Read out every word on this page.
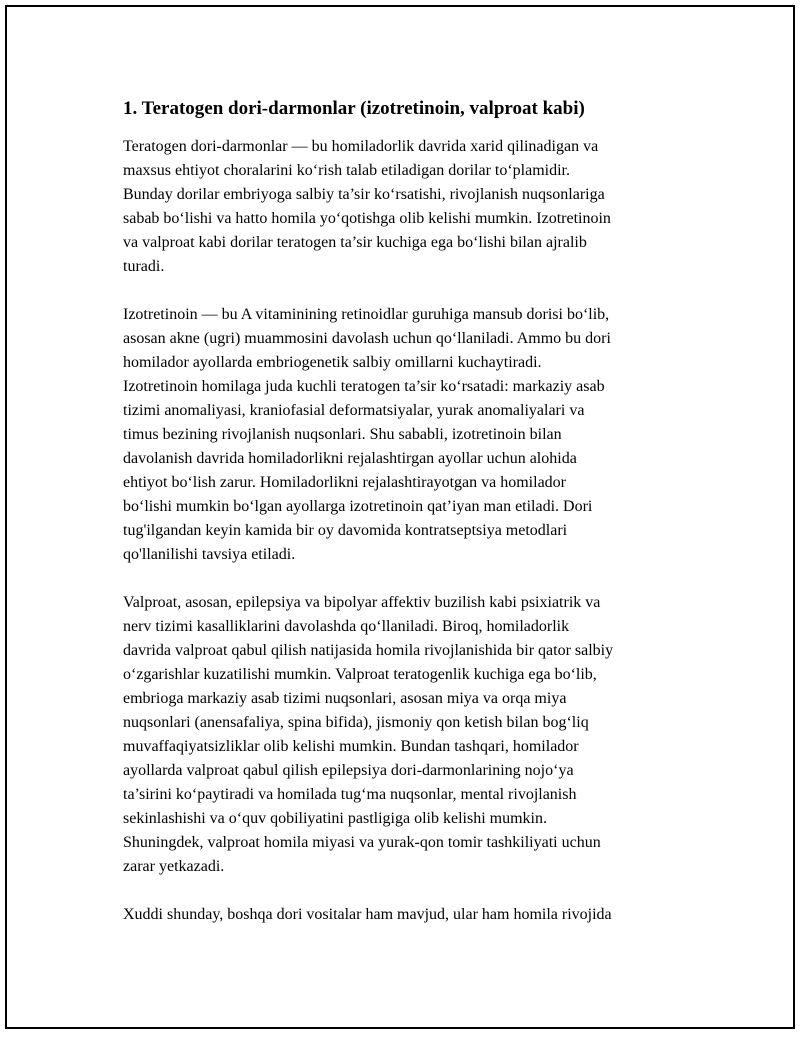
1. Teratogen dori-darmonlar (izotretinoin, valproat kabi)

Teratogen dori-darmonlar — bu homiladorlik davrida xarid qilinadigan va
maxsus ehtiyot choralarini ko‘rish talab etiladigan dorilar to‘plamidir.
Bunday dorilar embriyoga salbiy ta’sir ko‘rsatishi, rivojlanish nuqsonlariga
sabab bo‘lishi va hatto homila yo‘qotishga olib kelishi mumkin. Izotretinoin
va valproat kabi dorilar teratogen ta’sir kuchiga ega bo‘lishi bilan ajralib
turadi.

Izotretinoin — bu A vitaminining retinoidlar guruhiga mansub dorisi bo‘lib,
asosan akne (ugri) muammosini davolash uchun qo‘llaniladi. Ammo bu dori
homilador ayollarda embriogenetik salbiy omillarni kuchaytiradi.
Izotretinoin homilaga juda kuchli teratogen ta’sir ko‘rsatadi: markaziy asab
tizimi anomaliyasi, kraniofasial deformatsiyalar, yurak anomaliyalari va
timus bezining rivojlanish nuqsonlari. Shu sababli, izotretinoin bilan
davolanish davrida homiladorlikni rejalashtirgan ayollar uchun alohida
ehtiyot bo‘lish zarur. Homiladorlikni rejalashtirayotgan va homilador
bo‘lishi mumkin bo‘lgan ayollarga izotretinoin qat’iyan man etiladi. Dori
tug'ilgandan keyin kamida bir oy davomida kontratseptsiya metodlari
qo'llanilishi tavsiya etiladi.

Valproat, asosan, epilepsiya va bipolyar affektiv buzilish kabi psixiatrik va
nerv tizimi kasalliklarini davolashda qo‘llaniladi. Biroq, homiladorlik
davrida valproat qabul qilish natijasida homila rivojlanishida bir qator salbiy
o‘zgarishlar kuzatilishi mumkin. Valproat teratogenlik kuchiga ega bo‘lib,
embrioga markaziy asab tizimi nuqsonlari, asosan miya va orqa miya
nuqsonlari (anensafaliya, spina bifida), jismoniy qon ketish bilan bog‘liq
muvaffaqiyatsizliklar olib kelishi mumkin. Bundan tashqari, homilador
ayollarda valproat qabul qilish epilepsiya dori-darmonlarining nojo‘ya
ta’sirini ko‘paytiradi va homilada tug‘ma nuqsonlar, mental rivojlanish
sekinlashishi va o‘quv qobiliyatini pastligiga olib kelishi mumkin.
Shuningdek, valproat homila miyasi va yurak-qon tomir tashkiliyati uchun
zarar yetkazadi.

Xuddi shunday, boshqa dori vositalar ham mavjud, ular ham homila rivojida
